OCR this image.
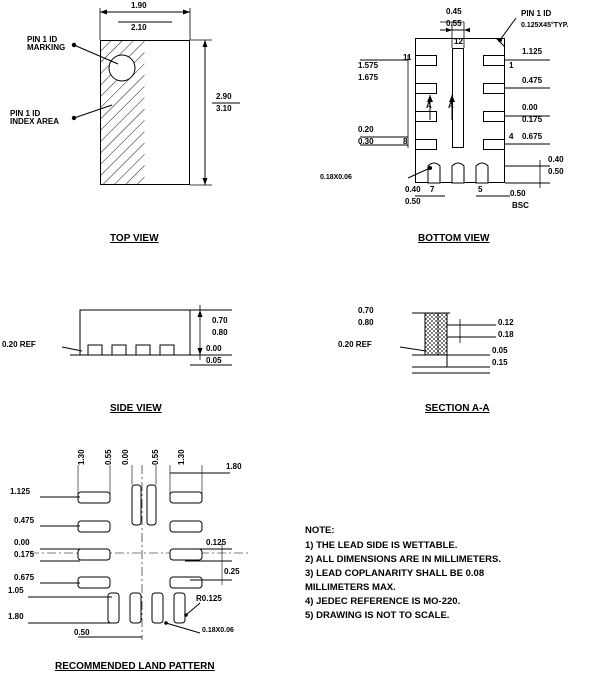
1.90
2.10
2.90
3.10
PIN 1 ID
MARKING
PIN 1 ID
INDEX AREA
TOP VIEW
0.45
0.55
PIN 1 ID
0.125X45°TYP.
12
11
1
8
4
7	5
A A
1.575
1.675
0.20
0.30
0.18X0.06
1.125
0.475
0.00
0.175
0.675
0.40
0.50
0.40
0.50
0.50
BSC
BOTTOM VIEW
0.20 REF
0.70
0.80
0.00
0.05
SIDE VIEW
0.70
0.80
0.20 REF
0.12
0.18
0.05
0.15
SECTION A-A
1.30 0.55 0.00	0.55 1.30
1.80
1.125
0.475
0.00
0.175
0.675
1.05
1.80
0.50
0.125
0.25
R0.125
0.18X0.06
RECOMMENDED LAND PATTERN
NOTE:
1) THE LEAD SIDE IS WETTABLE.
2) ALL DIMENSIONS ARE IN MILLIMETERS.
3) LEAD COPLANARITY SHALL BE 0.08
MILLIMETERS MAX.
4) JEDEC REFERENCE IS MO-220.
5) DRAWING IS NOT TO SCALE.
